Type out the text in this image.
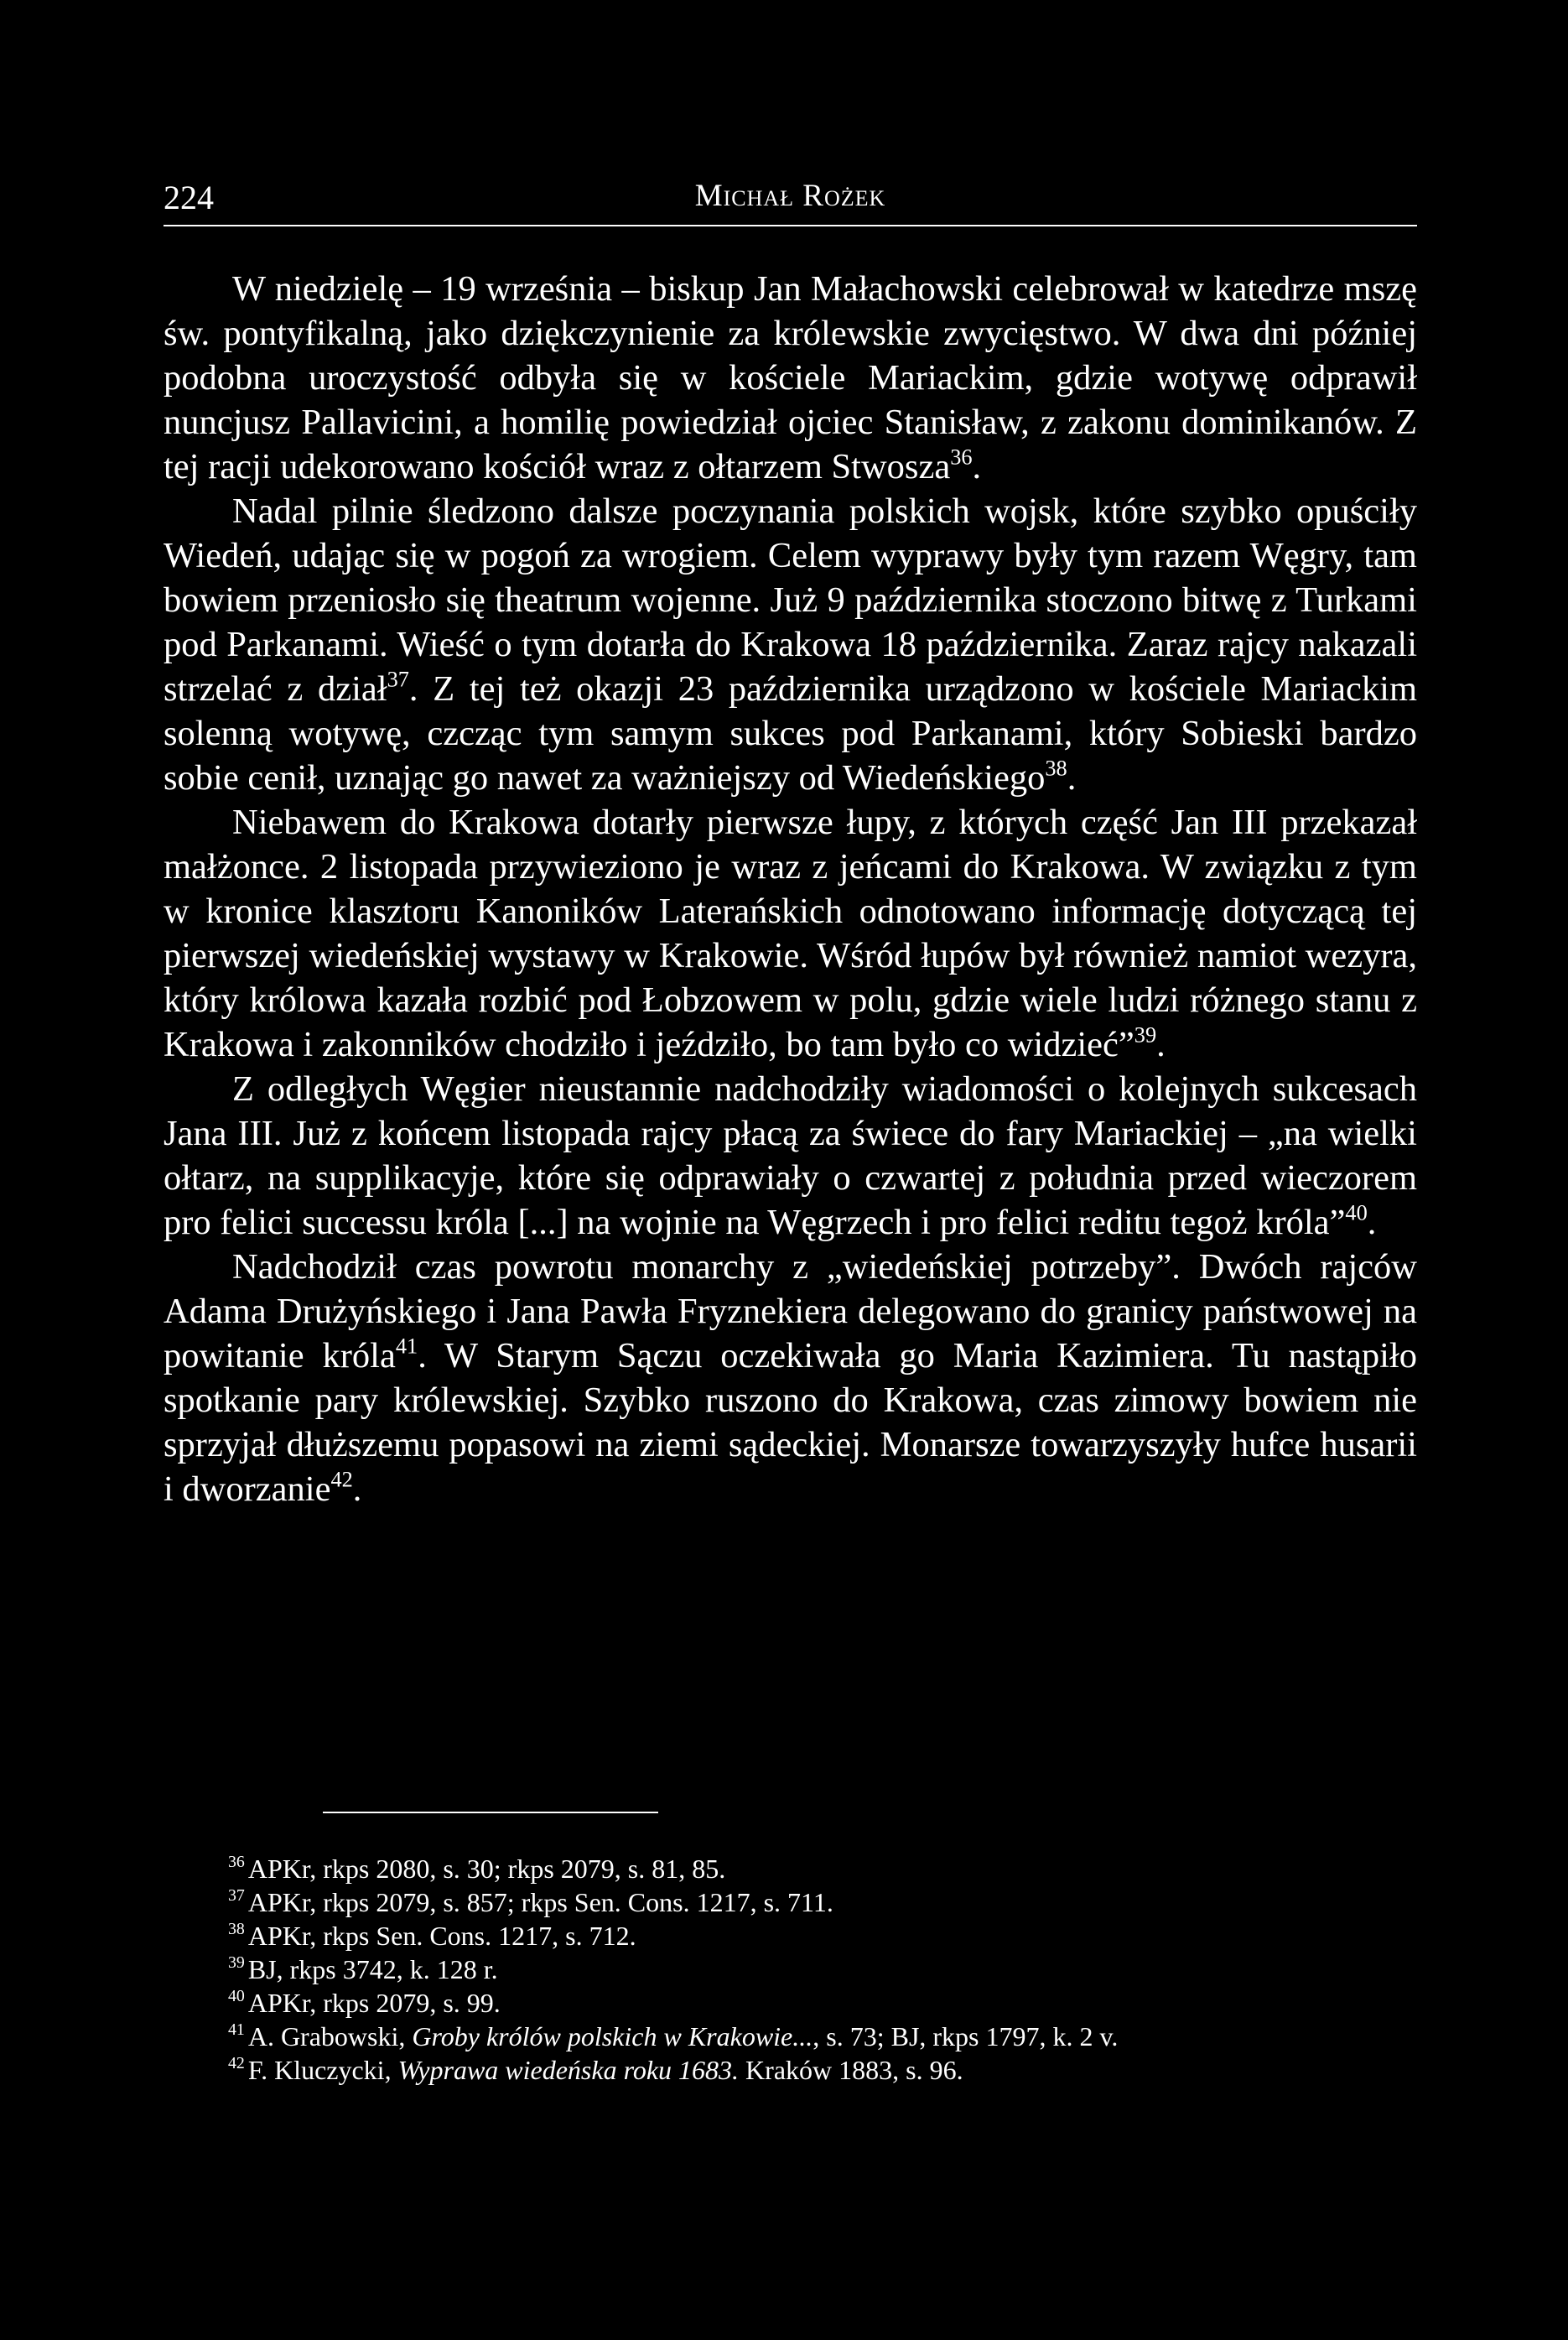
224	Michał Rożek

W niedzielę – 19 września – biskup Jan Małachowski celebrował w katedrze mszę św. pontyfikalną, jako dziękczynienie za królewskie zwycięstwo. W dwa dni później podobna uroczystość odbyła się w kościele Mariackim, gdzie wotywę odprawił nuncjusz Pallavicini, a homilię powiedział ojciec Stanisław, z zakonu dominikanów. Z tej racji udekorowano kościół wraz z ołtarzem Stwosza$^{36}$.

Nadal pilnie śledzono dalsze poczynania polskich wojsk, które szybko opuściły Wiedeń, udając się w pogoń za wrogiem. Celem wyprawy były tym razem Węgry, tam bowiem przeniosło się theatrum wojenne. Już 9 października stoczono bitwę z Turkami pod Parkanami. Wieść o tym dotarła do Krakowa 18 października. Zaraz rajcy nakazali strzelać z dział$^{37}$. Z tej też okazji 23 października urządzono w kościele Mariackim solenną wotywę, czcząc tym samym sukces pod Parkanami, który Sobieski bardzo sobie cenił, uznając go nawet za ważniejszy od Wiedeńskiego$^{38}$.

Niebawem do Krakowa dotarły pierwsze łupy, z których część Jan III przekazał małżonce. 2 listopada przywieziono je wraz z jeńcami do Krakowa. W związku z tym w kronice klasztoru Kanoników Laterańskich odnotowano informację dotyczącą tej pierwszej wiedeńskiej wystawy w Krakowie. Wśród łupów był również namiot wezyra, który królowa kazała rozbić pod Łobzowem w polu, gdzie wiele ludzi różnego stanu z Krakowa i zakonników chodziło i jeździło, bo tam było co widzieć”$^{39}$.

Z odległych Węgier nieustannie nadchodziły wiadomości o kolejnych sukcesach Jana III. Już z końcem listopada rajcy płacą za świece do fary Mariackiej – „na wielki ołtarz, na supplikacyje, które się odprawiały o czwartej z południa przed wieczorem pro felici successu króla [...] na wojnie na Węgrzech i pro felici reditu tegoż króla”$^{40}$.

Nadchodził czas powrotu monarchy z „wiedeńskiej potrzeby”. Dwóch rajców Adama Drużyńskiego i Jana Pawła Fryznekiera delegowano do granicy państwowej na powitanie króla$^{41}$. W Starym Sączu oczekiwała go Maria Kazimiera. Tu nastąpiło spotkanie pary królewskiej. Szybko ruszono do Krakowa, czas zimowy bowiem nie sprzyjał dłuższemu popasowi na ziemi sądeckiej. Monarsze towarzyszyły hufce husarii i dworzanie$^{42}$.

$^{36}$ APKr, rkps 2080, s. 30; rkps 2079, s. 81, 85.
$^{37}$ APKr, rkps 2079, s. 857; rkps Sen. Cons. 1217, s. 711.
$^{38}$ APKr, rkps Sen. Cons. 1217, s. 712.
$^{39}$ BJ, rkps 3742, k. 128 r.
$^{40}$ APKr, rkps 2079, s. 99.
$^{41}$ A. Grabowski, Groby królów polskich w Krakowie..., s. 73; BJ, rkps 1797, k. 2 v.
$^{42}$ F. Kluczycki, Wyprawa wiedeńska roku 1683. Kraków 1883, s. 96.
